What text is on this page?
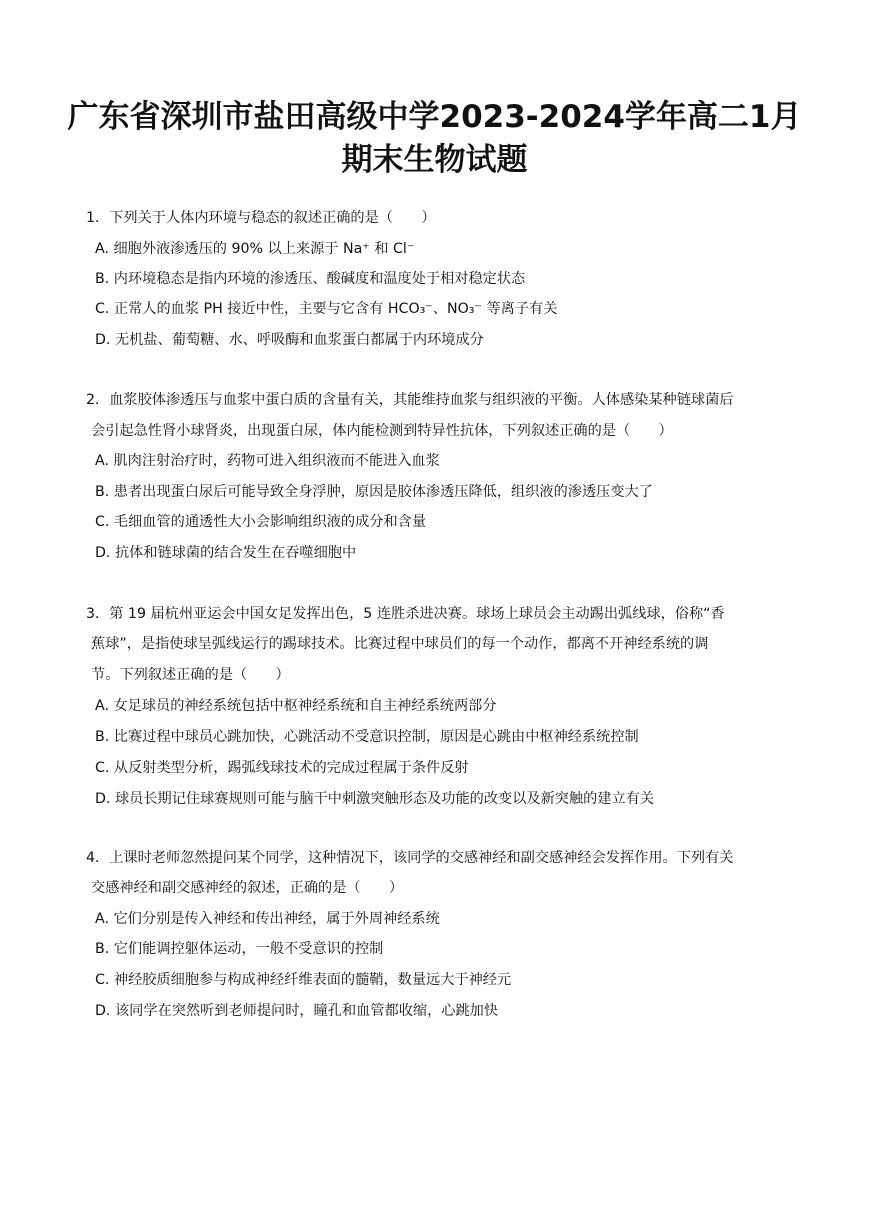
广东省深圳市盐田高级中学2023-2024学年高二1月
期末生物试题
1．下列关于人体内环境与稳态的叙述正确的是（　　）
A. 细胞外液渗透压的 90% 以上来源于 Na⁺ 和 Cl⁻
B. 内环境稳态是指内环境的渗透压、酸碱度和温度处于相对稳定状态
C. 正常人的血浆 PH 接近中性，主要与它含有 HCO₃⁻、NO₃⁻ 等离子有关
D. 无机盐、葡萄糖、水、呼吸酶和血浆蛋白都属于内环境成分
2．血浆胶体渗透压与血浆中蛋白质的含量有关，其能维持血浆与组织液的平衡。人体感染某种链球菌后
会引起急性肾小球肾炎，出现蛋白尿，体内能检测到特异性抗体，下列叙述正确的是（　　）
A. 肌肉注射治疗时，药物可进入组织液而不能进入血浆
B. 患者出现蛋白尿后可能导致全身浮肿，原因是胶体渗透压降低，组织液的渗透压变大了
C. 毛细血管的通透性大小会影响组织液的成分和含量
D. 抗体和链球菌的结合发生在吞噬细胞中
3．第 19 届杭州亚运会中国女足发挥出色，5 连胜杀进决赛。球场上球员会主动踢出弧线球，俗称“香
蕉球”，是指使球呈弧线运行的踢球技术。比赛过程中球员们的每一个动作，都离不开神经系统的调
节。下列叙述正确的是（　　）
A. 女足球员的神经系统包括中枢神经系统和自主神经系统两部分
B. 比赛过程中球员心跳加快，心跳活动不受意识控制，原因是心跳由中枢神经系统控制
C. 从反射类型分析，踢弧线球技术的完成过程属于条件反射
D. 球员长期记住球赛规则可能与脑干中刺激突触形态及功能的改变以及新突触的建立有关
4．上课时老师忽然提问某个同学，这种情况下，该同学的交感神经和副交感神经会发挥作用。下列有关
交感神经和副交感神经的叙述，正确的是（　　）
A. 它们分别是传入神经和传出神经，属于外周神经系统
B. 它们能调控躯体运动，一般不受意识的控制
C. 神经胶质细胞参与构成神经纤维表面的髓鞘，数量远大于神经元
D. 该同学在突然听到老师提问时，瞳孔和血管都收缩，心跳加快
